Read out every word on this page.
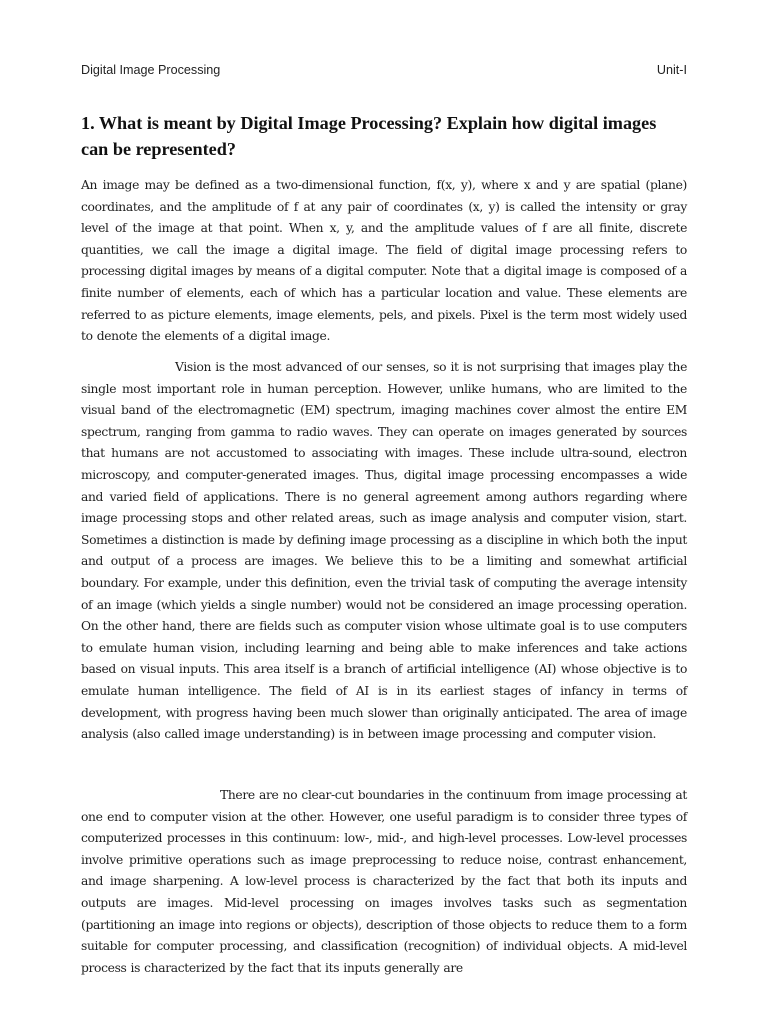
Digital Image Processing	Unit-I
1. What is meant by Digital Image Processing? Explain how digital images can be represented?

An image may be defined as a two-dimensional function, f(x, y), where x and y are spatial (plane) coordinates, and the amplitude of f at any pair of coordinates (x, y) is called the intensity or gray level of the image at that point. When x, y, and the amplitude values of f are all finite, discrete quantities, we call the image a digital image. The field of digital image processing refers to processing digital images by means of a digital computer. Note that a digital image is composed of a finite number of elements, each of which has a particular location and value. These elements are referred to as picture elements, image elements, pels, and pixels. Pixel is the term most widely used to denote the elements of a digital image.

Vision is the most advanced of our senses, so it is not surprising that images play the single most important role in human perception. However, unlike humans, who are limited to the visual band of the electromagnetic (EM) spectrum, imaging machines cover almost the entire EM spectrum, ranging from gamma to radio waves. They can operate on images generated by sources that humans are not accustomed to associating with images. These include ultra-sound, electron microscopy, and computer-generated images. Thus, digital image processing encompasses a wide and varied field of applications. There is no general agreement among authors regarding where image processing stops and other related areas, such as image analysis and computer vision, start. Sometimes a distinction is made by defining image processing as a discipline in which both the input and output of a process are images. We believe this to be a limiting and somewhat artificial boundary. For example, under this definition, even the trivial task of computing the average intensity of an image (which yields a single number) would not be considered an image processing operation. On the other hand, there are fields such as computer vision whose ultimate goal is to use computers to emulate human vision, including learning and being able to make inferences and take actions based on visual inputs. This area itself is a branch of artificial intelligence (AI) whose objective is to emulate human intelligence. The field of AI is in its earliest stages of infancy in terms of development, with progress having been much slower than originally anticipated. The area of image analysis (also called image understanding) is in between image processing and computer vision.

There are no clear-cut boundaries in the continuum from image processing at one end to computer vision at the other. However, one useful paradigm is to consider three types of computerized processes in this continuum: low-, mid-, and high-level processes. Low-level processes involve primitive operations such as image preprocessing to reduce noise, contrast enhancement, and image sharpening. A low-level process is characterized by the fact that both its inputs and outputs are images. Mid-level processing on images involves tasks such as segmentation (partitioning an image into regions or objects), description of those objects to reduce them to a form suitable for computer processing, and classification (recognition) of individual objects. A mid-level process is characterized by the fact that its inputs generally are
